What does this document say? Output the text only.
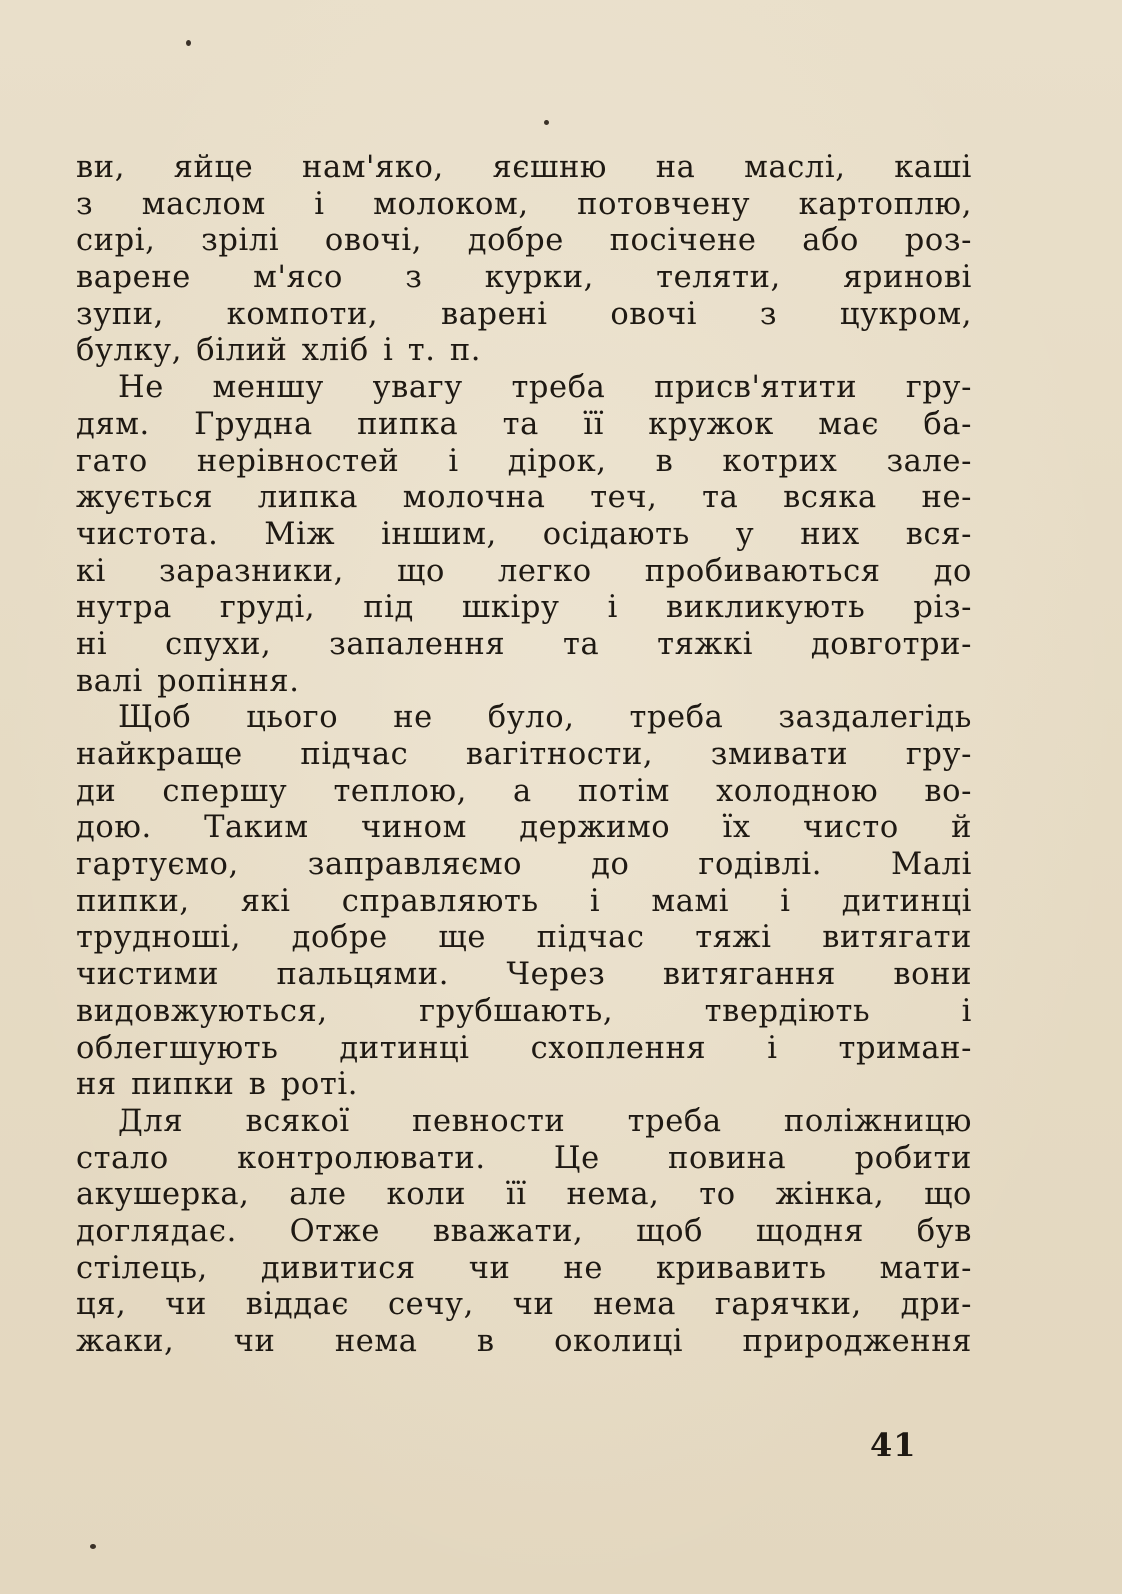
ви, яйце нам'яко, яєшню на маслі, каші
з маслом і молоком, потовчену картоплю,
сирі, зрілі овочі, добре посічене або роз-
варене м'ясо з курки, теляти, яринові
зупи, компоти, варені овочі з цукром,
булку, білий хліб і т. п.
Не меншу увагу треба присв'ятити гру-
дям. Грудна пипка та її кружок має ба-
гато нерівностей і дірок, в котрих зале-
жується липка молочна теч, та всяка не-
чистота. Між іншим, осідають у них вся-
кі заразники, що легко пробиваються до
нутра груді, під шкіру і викликують різ-
ні спухи, запалення та тяжкі довготри-
валі ропіння.
Щоб цього не було, треба заздалегідь
найкраще підчас вагітности, змивати гру-
ди спершу теплою, а потім холодною во-
дою. Таким чином держимо їх чисто й
гартуємо, заправляємо до годівлі. Малі
пипки, які справляють і мамі і дитинці
трудноші, добре ще підчас тяжі витягати
чистими пальцями. Через витягання вони
видовжуються, грубшають, твердіють і
облегшують дитинці схоплення і триман-
ня пипки в роті.
Для всякої певности треба поліжницю
стало контролювати. Це повина робити
акушерка, але коли її нема, то жінка, що
доглядає. Отже вважати, щоб щодня був
стілець, дивитися чи не кривавить мати-
ця, чи віддає сечу, чи нема гарячки, дри-
жаки, чи нема в околиці природження
41
